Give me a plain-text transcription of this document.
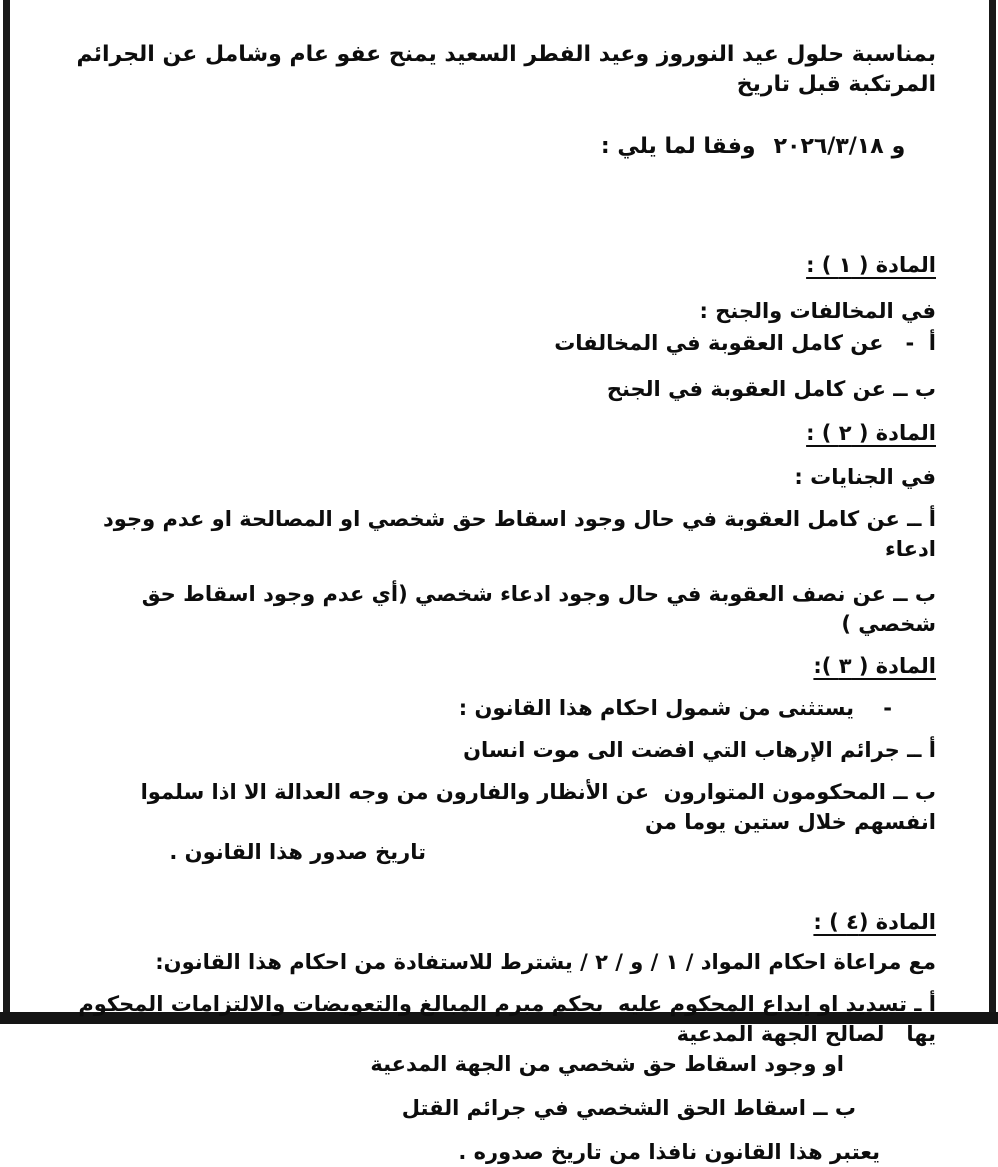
بمناسبة حلول عيد النوروز وعيد الفطر السعيد يمنح عفو عام وشامل عن الجرائم المرتكبة قبل تاريخ

و٢٠٢٦/٣/١٨وفقا لما يلي :

المادة ( ١ ) :
في المخالفات والجنح :
أ  -   عن كامل العقوبة في المخالفات
ب ــ عن كامل العقوبة في الجنح
المادة ( ٢ ) :
في الجنايات :
أ ــ عن كامل العقوبة في حال وجود اسقاط حق شخصي او المصالحة او عدم وجود ادعاء
ب ــ عن نصف العقوبة في حال وجود ادعاء شخصي (أي عدم وجود اسقاط حق شخصي )
المادة ( ٣ ):
-    يستثنى من شمول احكام هذا القانون :
أ ــ جرائم الإرهاب التي افضت الى موت انسان
ب ــ المحكومون المتوارون  عن الأنظار والفارون من وجه العدالة الا اذا سلموا انفسهم خلال ستين يوما من
تاريخ صدور هذا القانون .
المادة (٤ ) :
مع مراعاة احكام المواد / ١ / و / ٢ / يشترط للاستفادة من احكام هذا القانون:
أ ـ تسديد او إيداع المحكوم عليه  بحكم مبرم المبالغ والتعويضات والالتزامات المحكوم يها   لصالح الجهة المدعية
او وجود اسقاط حق شخصي من الجهة المدعية
ب ــ اسقاط الحق الشخصي في جرائم القتل
يعتبر هذا القانون نافذا من تاريخ صدوره .
